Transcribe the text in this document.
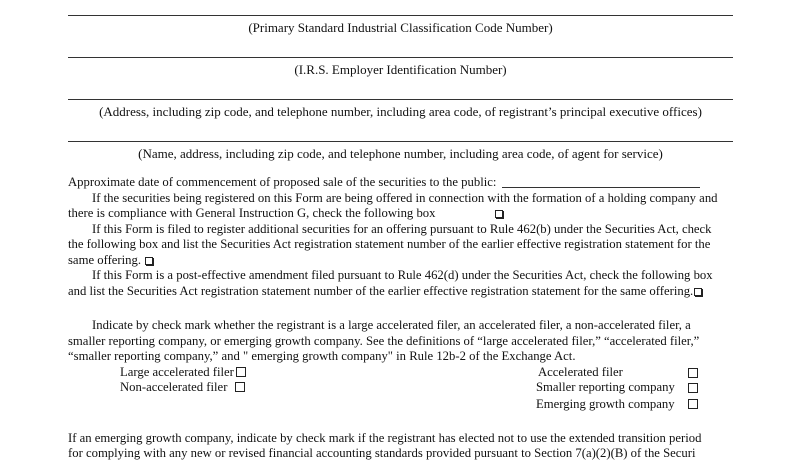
(Primary Standard Industrial Classification Code Number)
(I.R.S. Employer Identification Number)
(Address, including zip code, and telephone number, including area code, of registrant’s principal executive offices)
(Name, address, including zip code, and telephone number, including area code, of agent for service)
Approximate date of commencement of proposed sale of the securities to the public:
If the securities being registered on this Form are being offered in connection with the formation of a holding company and
there is compliance with General Instruction G, check the following box
If this Form is filed to register additional securities for an offering pursuant to Rule 462(b) under the Securities Act, check
the following box and list the Securities Act registration statement number of the earlier effective registration statement for the
same offering.
If this Form is a post-effective amendment filed pursuant to Rule 462(d) under the Securities Act, check the following box
and list the Securities Act registration statement number of the earlier effective registration statement for the same offering.
Indicate by check mark whether the registrant is a large accelerated filer, an accelerated filer, a non-accelerated filer, a
smaller reporting company, or emerging growth company. See the definitions of “large accelerated filer,” “accelerated filer,”
“smaller reporting company,” and " emerging growth company" in Rule 12b-2 of the Exchange Act.
Large accelerated filer
Non-accelerated filer
Accelerated filer
Smaller reporting company
Emerging growth company
If an emerging growth company, indicate by check mark if the registrant has elected not to use the extended transition period
for complying with any new or revised financial accounting standards provided pursuant to Section 7(a)(2)(B) of the Securi
